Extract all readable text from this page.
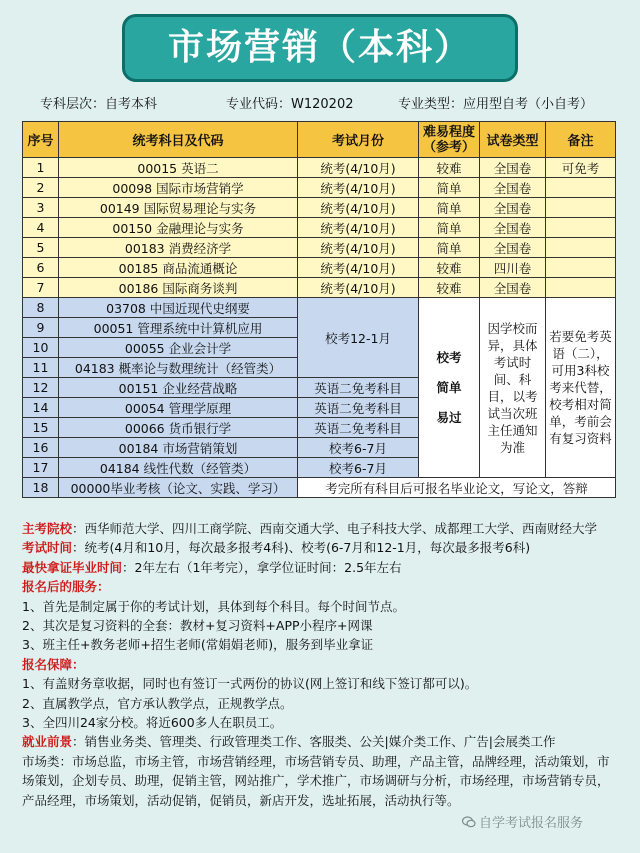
市场营销（本科）
专科层次：自考本科	专业代码：W120202	专业类型：应用型自考（小自考）
序号	统考科目及代码	考试月份	难易程度（参考）	试卷类型	备注
1	00015 英语二	统考(4/10月)	较难	全国卷	可免考
2	00098 国际市场营销学	统考(4/10月)	简单	全国卷	
3	00149 国际贸易理论与实务	统考(4/10月)	简单	全国卷	
4	00150 金融理论与实务	统考(4/10月)	简单	全国卷	
5	00183 消费经济学	统考(4/10月)	简单	全国卷	
6	00185 商品流通概论	统考(4/10月)	较难	四川卷	
7	00186 国际商务谈判	统考(4/10月)	较难	全国卷	
8	03708 中国近现代史纲要	校考12-1月	校考
简单
易过	因学校而异，具体考试时间、科目，以考试当次班主任通知为准	若要免考英语（二），可用3科校考来代替，校考相对简单，考前会有复习资料
9	00051 管理系统中计算机应用				
10	00055 企业会计学				
11	04183 概率论与数理统计（经管类）				
12	00151 企业经营战略	英语二免考科目			
14	00054 管理学原理	英语二免考科目			
15	00066 货币银行学	英语二免考科目			
16	00184 市场营销策划	校考6-7月			
17	04184 线性代数（经管类）	校考6-7月			
18	00000毕业考核（论文、实践、学习）	考完所有科目后可报名毕业论文，写论文，答辩			
主考院校：西华师范大学、四川工商学院、西南交通大学、电子科技大学、成都理工大学、西南财经大学
考试时间：统考(4月和10月，每次最多报考4科)、校考(6-7月和12-1月，每次最多报考6科)
最快拿证毕业时间：2年左右（1年考完），拿学位证时间：2.5年左右
报名后的服务：
1、首先是制定属于你的考试计划，具体到每个科目。每个时间节点。
2、其次是复习资料的全套：教材+复习资料+APP小程序+网课
3、班主任+教务老师+招生老师(常娟娟老师)，服务到毕业拿证
报名保障：
1、有盖财务章收据，同时也有签订一式两份的协议(网上签订和线下签订都可以)。
2、直属教学点，官方承认教学点，正规教学点。
3、全四川24家分校。将近600多人在职员工。
就业前景：销售业务类、管理类、行政管理类工作、客服类、公关|媒介类工作、广告|会展类工作
市场类：市场总监，市场主管，市场营销经理，市场营销专员、助理，产品主管，品牌经理，活动策划，市场策划，企划专员、助理，促销主管，网站推广，学术推广，市场调研与分析，市场经理，市场营销专员，产品经理，市场策划，活动促销，促销员，新店开发，选址拓展，活动执行等。
自学考试报名服务
